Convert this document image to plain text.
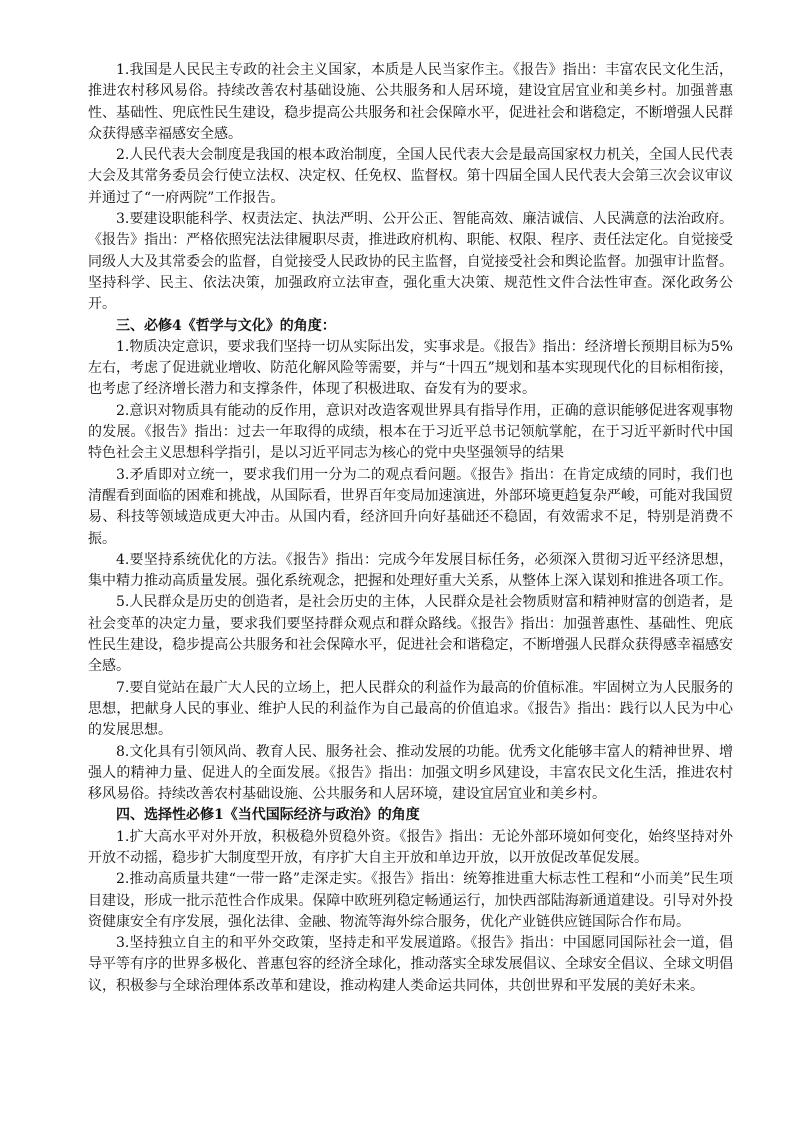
1.我国是人民民主专政的社会主义国家，本质是人民当家作主。《报告》指出：丰富农民文化生活，推进农村移风易俗。持续改善农村基础设施、公共服务和人居环境，建设宜居宜业和美乡村。加强普惠性、基础性、兜底性民生建设，稳步提高公共服务和社会保障水平，促进社会和谐稳定，不断增强人民群众获得感幸福感安全感。

2.人民代表大会制度是我国的根本政治制度，全国人民代表大会是最高国家权力机关，全国人民代表大会及其常务委员会行使立法权、决定权、任免权、监督权。第十四届全国人民代表大会第三次会议审议并通过了“一府两院”工作报告。

3.要建设职能科学、权责法定、执法严明、公开公正、智能高效、廉洁诚信、人民满意的法治政府。《报告》指出：严格依照宪法法律履职尽责，推进政府机构、职能、权限、程序、责任法定化。自觉接受同级人大及其常委会的监督，自觉接受人民政协的民主监督，自觉接受社会和舆论监督。加强审计监督。坚持科学、民主、依法决策，加强政府立法审查，强化重大决策、规范性文件合法性审查。深化政务公开。

三、必修4《哲学与文化》的角度：

1.物质决定意识，要求我们坚持一切从实际出发，实事求是。《报告》指出：经济增长预期目标为5%左右，考虑了促进就业增收、防范化解风险等需要，并与“十四五”规划和基本实现现代化的目标相衔接，也考虑了经济增长潜力和支撑条件，体现了积极进取、奋发有为的要求。

2.意识对物质具有能动的反作用，意识对改造客观世界具有指导作用，正确的意识能够促进客观事物的发展。《报告》指出：过去一年取得的成绩，根本在于习近平总书记领航掌舵，在于习近平新时代中国特色社会主义思想科学指引，是以习近平同志为核心的党中央坚强领导的结果

3.矛盾即对立统一，要求我们用一分为二的观点看问题。《报告》指出：在肯定成绩的同时，我们也清醒看到面临的困难和挑战，从国际看，世界百年变局加速演进，外部环境更趋复杂严峻，可能对我国贸易、科技等领域造成更大冲击。从国内看，经济回升向好基础还不稳固，有效需求不足，特别是消费不振。

4.要坚持系统优化的方法。《报告》指出：完成今年发展目标任务，必须深入贯彻习近平经济思想，集中精力推动高质量发展。强化系统观念，把握和处理好重大关系，从整体上深入谋划和推进各项工作。

5.人民群众是历史的创造者，是社会历史的主体，人民群众是社会物质财富和精神财富的创造者，是社会变革的决定力量，要求我们要坚持群众观点和群众路线。《报告》指出：加强普惠性、基础性、兜底性民生建设，稳步提高公共服务和社会保障水平，促进社会和谐稳定，不断增强人民群众获得感幸福感安全感。

7.要自觉站在最广大人民的立场上，把人民群众的利益作为最高的价值标准。牢固树立为人民服务的思想，把献身人民的事业、维护人民的利益作为自己最高的价值追求。《报告》指出：践行以人民为中心的发展思想。

8.文化具有引领风尚、教育人民、服务社会、推动发展的功能。优秀文化能够丰富人的精神世界、增强人的精神力量、促进人的全面发展。《报告》指出：加强文明乡风建设，丰富农民文化生活，推进农村移风易俗。持续改善农村基础设施、公共服务和人居环境，建设宜居宜业和美乡村。

四、选择性必修1《当代国际经济与政治》的角度

1.扩大高水平对外开放，积极稳外贸稳外资。《报告》指出：无论外部环境如何变化，始终坚持对外开放不动摇，稳步扩大制度型开放，有序扩大自主开放和单边开放，以开放促改革促发展。

2.推动高质量共建“一带一路”走深走实。《报告》指出：统筹推进重大标志性工程和“小而美”民生项目建设，形成一批示范性合作成果。保障中欧班列稳定畅通运行，加快西部陆海新通道建设。引导对外投资健康安全有序发展，强化法律、金融、物流等海外综合服务，优化产业链供应链国际合作布局。

3.坚持独立自主的和平外交政策，坚持走和平发展道路。《报告》指出：中国愿同国际社会一道，倡导平等有序的世界多极化、普惠包容的经济全球化，推动落实全球发展倡议、全球安全倡议、全球文明倡议，积极参与全球治理体系改革和建设，推动构建人类命运共同体，共创世界和平发展的美好未来。
